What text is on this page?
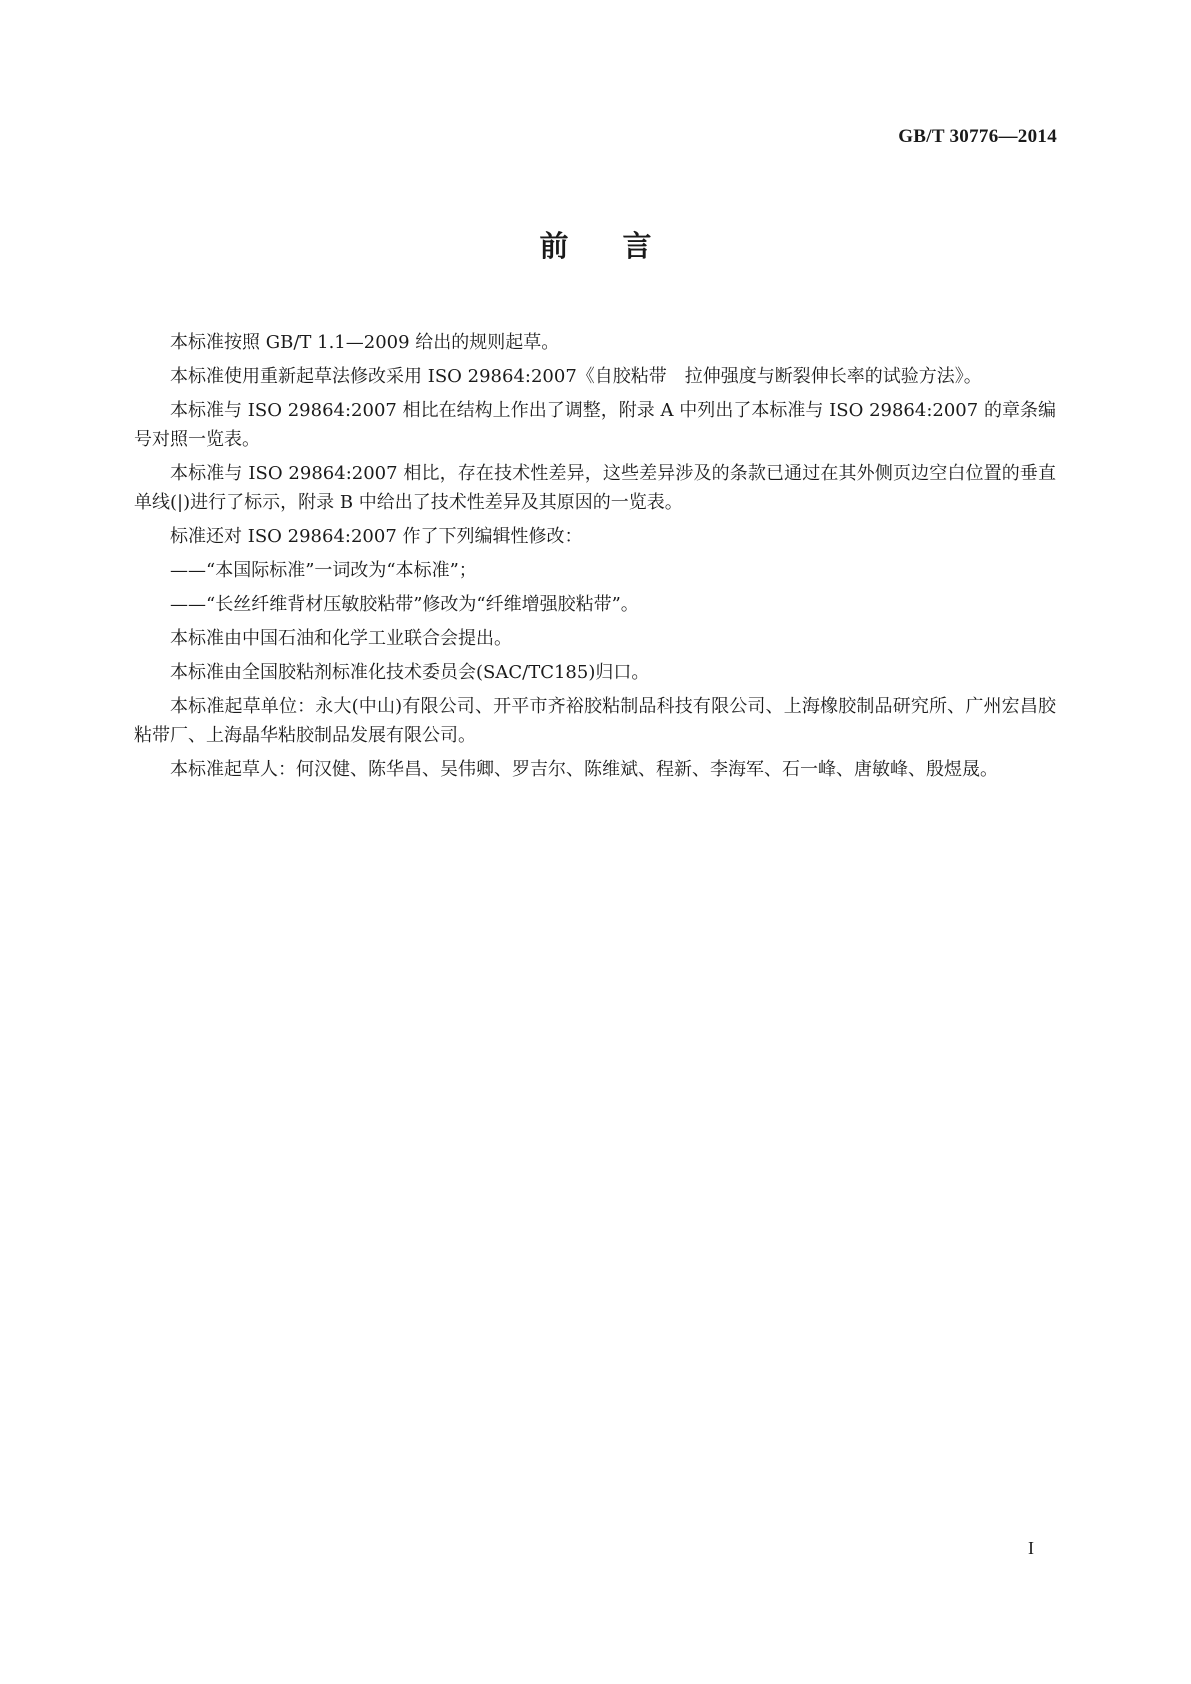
GB/T 30776—2014
前言

本标准按照 GB/T 1.1—2009 给出的规则起草。

本标准使用重新起草法修改采用 ISO 29864:2007《自胶粘带　拉伸强度与断裂伸长率的试验方法》。

本标准与 ISO 29864:2007 相比在结构上作出了调整，附录 A 中列出了本标准与 ISO 29864:2007 的章条编号对照一览表。

本标准与 ISO 29864:2007 相比，存在技术性差异，这些差异涉及的条款已通过在其外侧页边空白位置的垂直单线(|)进行了标示，附录 B 中给出了技术性差异及其原因的一览表。

标准还对 ISO 29864:2007 作了下列编辑性修改：

——“本国际标准”一词改为“本标准”；

——“长丝纤维背材压敏胶粘带”修改为“纤维增强胶粘带”。

本标准由中国石油和化学工业联合会提出。

本标准由全国胶粘剂标准化技术委员会(SAC/TC185)归口。

本标准起草单位：永大(中山)有限公司、开平市齐裕胶粘制品科技有限公司、上海橡胶制品研究所、广州宏昌胶粘带厂、上海晶华粘胶制品发展有限公司。

本标准起草人：何汉健、陈华昌、吴伟卿、罗吉尔、陈维斌、程新、李海军、石一峰、唐敏峰、殷煜晟。

I
